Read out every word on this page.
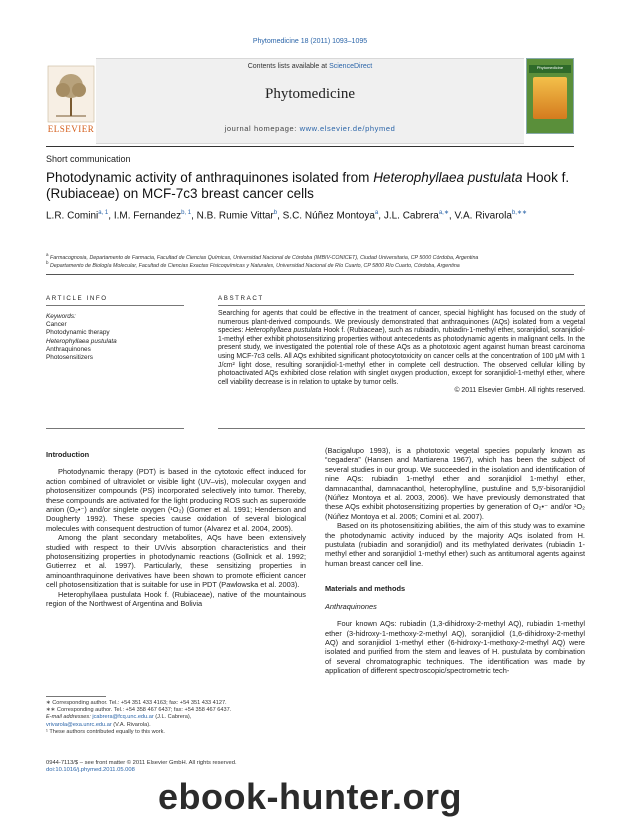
Phytomedicine 18 (2011) 1093–1095
ELSEVIER
Contents lists available at ScienceDirect
Phytomedicine
journal homepage: www.elsevier.de/phymed
Phytomedicine
Short communication
Photodynamic activity of anthraquinones isolated from Heterophyllaea pustulata Hook f. (Rubiaceae) on MCF-7c3 breast cancer cells
L.R. Comini$^{a, 1}$, I.M. Fernandez$^{b, 1}$, N.B. Rumie Vittar$^b$, S.C. Núñez Montoya$^a$, J.L. Cabrera$^{a,∗}$, V.A. Rivarola$^{b,∗∗}$
$^a$ Farmacognosia, Departamento de Farmacia, Facultad de Ciencias Químicas, Universidad Nacional de Córdoba (IMBIV-CONICET), Ciudad Universitaria, CP 5000 Córdoba, Argentina
$^b$ Departamento de Biología Molecular, Facultad de Ciencias Exactas Fisicoquímicas y Naturales, Universidad Nacional de Río Cuarto, CP 5800 Río Cuarto, Córdoba, Argentina
ARTICLE INFO
Keywords:
Cancer
Photodynamic therapy
Heterophyllaea pustulata
Anthraquinones
Photosensitizers
ABSTRACT
Searching for agents that could be effective in the treatment of cancer, special highlight has focused on the study of numerous plant-derived compounds. We previously demonstrated that anthraquinones (AQs) isolated from a vegetal species: Heterophyllaea pustulata Hook f. (Rubiaceae), such as rubiadin, rubiadin-1-methyl ether, soranjidiol, soranjidiol-1-methyl ether exhibit photosensitizing properties without antecedents as photodynamic agents in malignant cells. In the present study, we investigated the potential role of these AQs as a phototoxic agent against human breast carcinoma using MCF-7c3 cells. All AQs exhibited significant photocytotoxicity on cancer cells at the concentration of 100 μM with 1 J/cm² light dose, resulting soranjidiol-1-methyl ether in complete cell destruction. The observed cellular killing by photoactivated AQs exhibited close relation with singlet oxygen production, except for soranjidiol-1-methyl ether, where cell viability decrease is in relation to uptake by tumor cells.
© 2011 Elsevier GmbH. All rights reserved.

Introduction

Photodynamic therapy (PDT) is based in the cytotoxic effect induced for action combined of ultraviolet or visible light (UV–vis), molecular oxygen and photosensitizer compounds (PS) incorporated selectively into tumor. Thereby, these compounds are activated for the light producing ROS such as superoxide anion (O₂•⁻) and/or singlete oxygen (¹O₂) (Gomer et al. 1991; Henderson and Dougherty 1992). These species cause oxidation of several biological molecules with consequent destruction of tumor (Alvarez et al. 2004, 2005).

Among the plant secondary metabolites, AQs have been extensively studied with respect to their UV/vis absorption characteristics and their photosensitizing properties in photodynamic reactions (Gollnick et al. 1992; Gutierrez et al. 1997). Particularly, these sensitizing properties in aminoanthraquinone derivatives have been shown to promote efficient cancer cell photosensitization that is suitable for use in PDT (Pawlowska et al. 2003).

Heterophyllaea pustulata Hook f. (Rubiaceae), native of the mountainous region of the Northwest of Argentina and Bolivia

(Bacigalupo 1993), is a phototoxic vegetal species popularly known as “cegadera” (Hansen and Martiarena 1967), which has been the subject of several studies in our group. We succeeded in the isolation and identification of nine AQs: rubiadin 1-methyl ether and soranjidiol 1-methyl ether, damnacanthal, damnacanthol, heterophylline, pustuline and 5,5′-bisoranjidiol (Núñez Montoya et al. 2003, 2006). We have previously demonstrated that these AQs exhibit photosensitizing properties by generation of O₂•⁻ and/or ¹O₂ (Núñez Montoya et al. 2005; Comini et al. 2007).

Based on its photosensitizing abilities, the aim of this study was to examine the photodynamic activity induced by the majority AQs isolated from H. pustulata (rubiadin and soranjidiol) and its methylated derivates (rubiadin 1-methyl ether and soranjidiol 1-methyl ether) such as antitumoral agents against human breast cancer cell line.

Materials and methods

Anthraquinones

Four known AQs: rubiadin (1,3-dihidroxy-2-methyl AQ), rubiadin 1-methyl ether (3-hidroxy-1-methoxy-2-methyl AQ), soranjidiol (1,6-dihidroxy-2-methyl AQ) and soranjidiol 1-methyl ether (6-hidroxy-1-methoxy-2-methyl AQ) were isolated and purified from the stem and leaves of H. pustulata by combination of several chromatographic techniques. The identification was made by application of different spectroscopic/spectrometric tech-

∗ Corresponding author. Tel.: +54 351 433 4163; fax: +54 351 433 4127.
∗∗ Corresponding author. Tel.: +54 358 467 6437; fax: +54 358 467 6437.
E-mail addresses: jcabrera@fcq.unc.edu.ar (J.L. Cabrera),
vrivarola@exa.unrc.edu.ar (V.A. Rivarola).
¹ These authors contributed equally to this work.
0944-7113/$ – see front matter © 2011 Elsevier GmbH. All rights reserved.
doi:10.1016/j.phymed.2011.05.008
ebook-hunter.org
